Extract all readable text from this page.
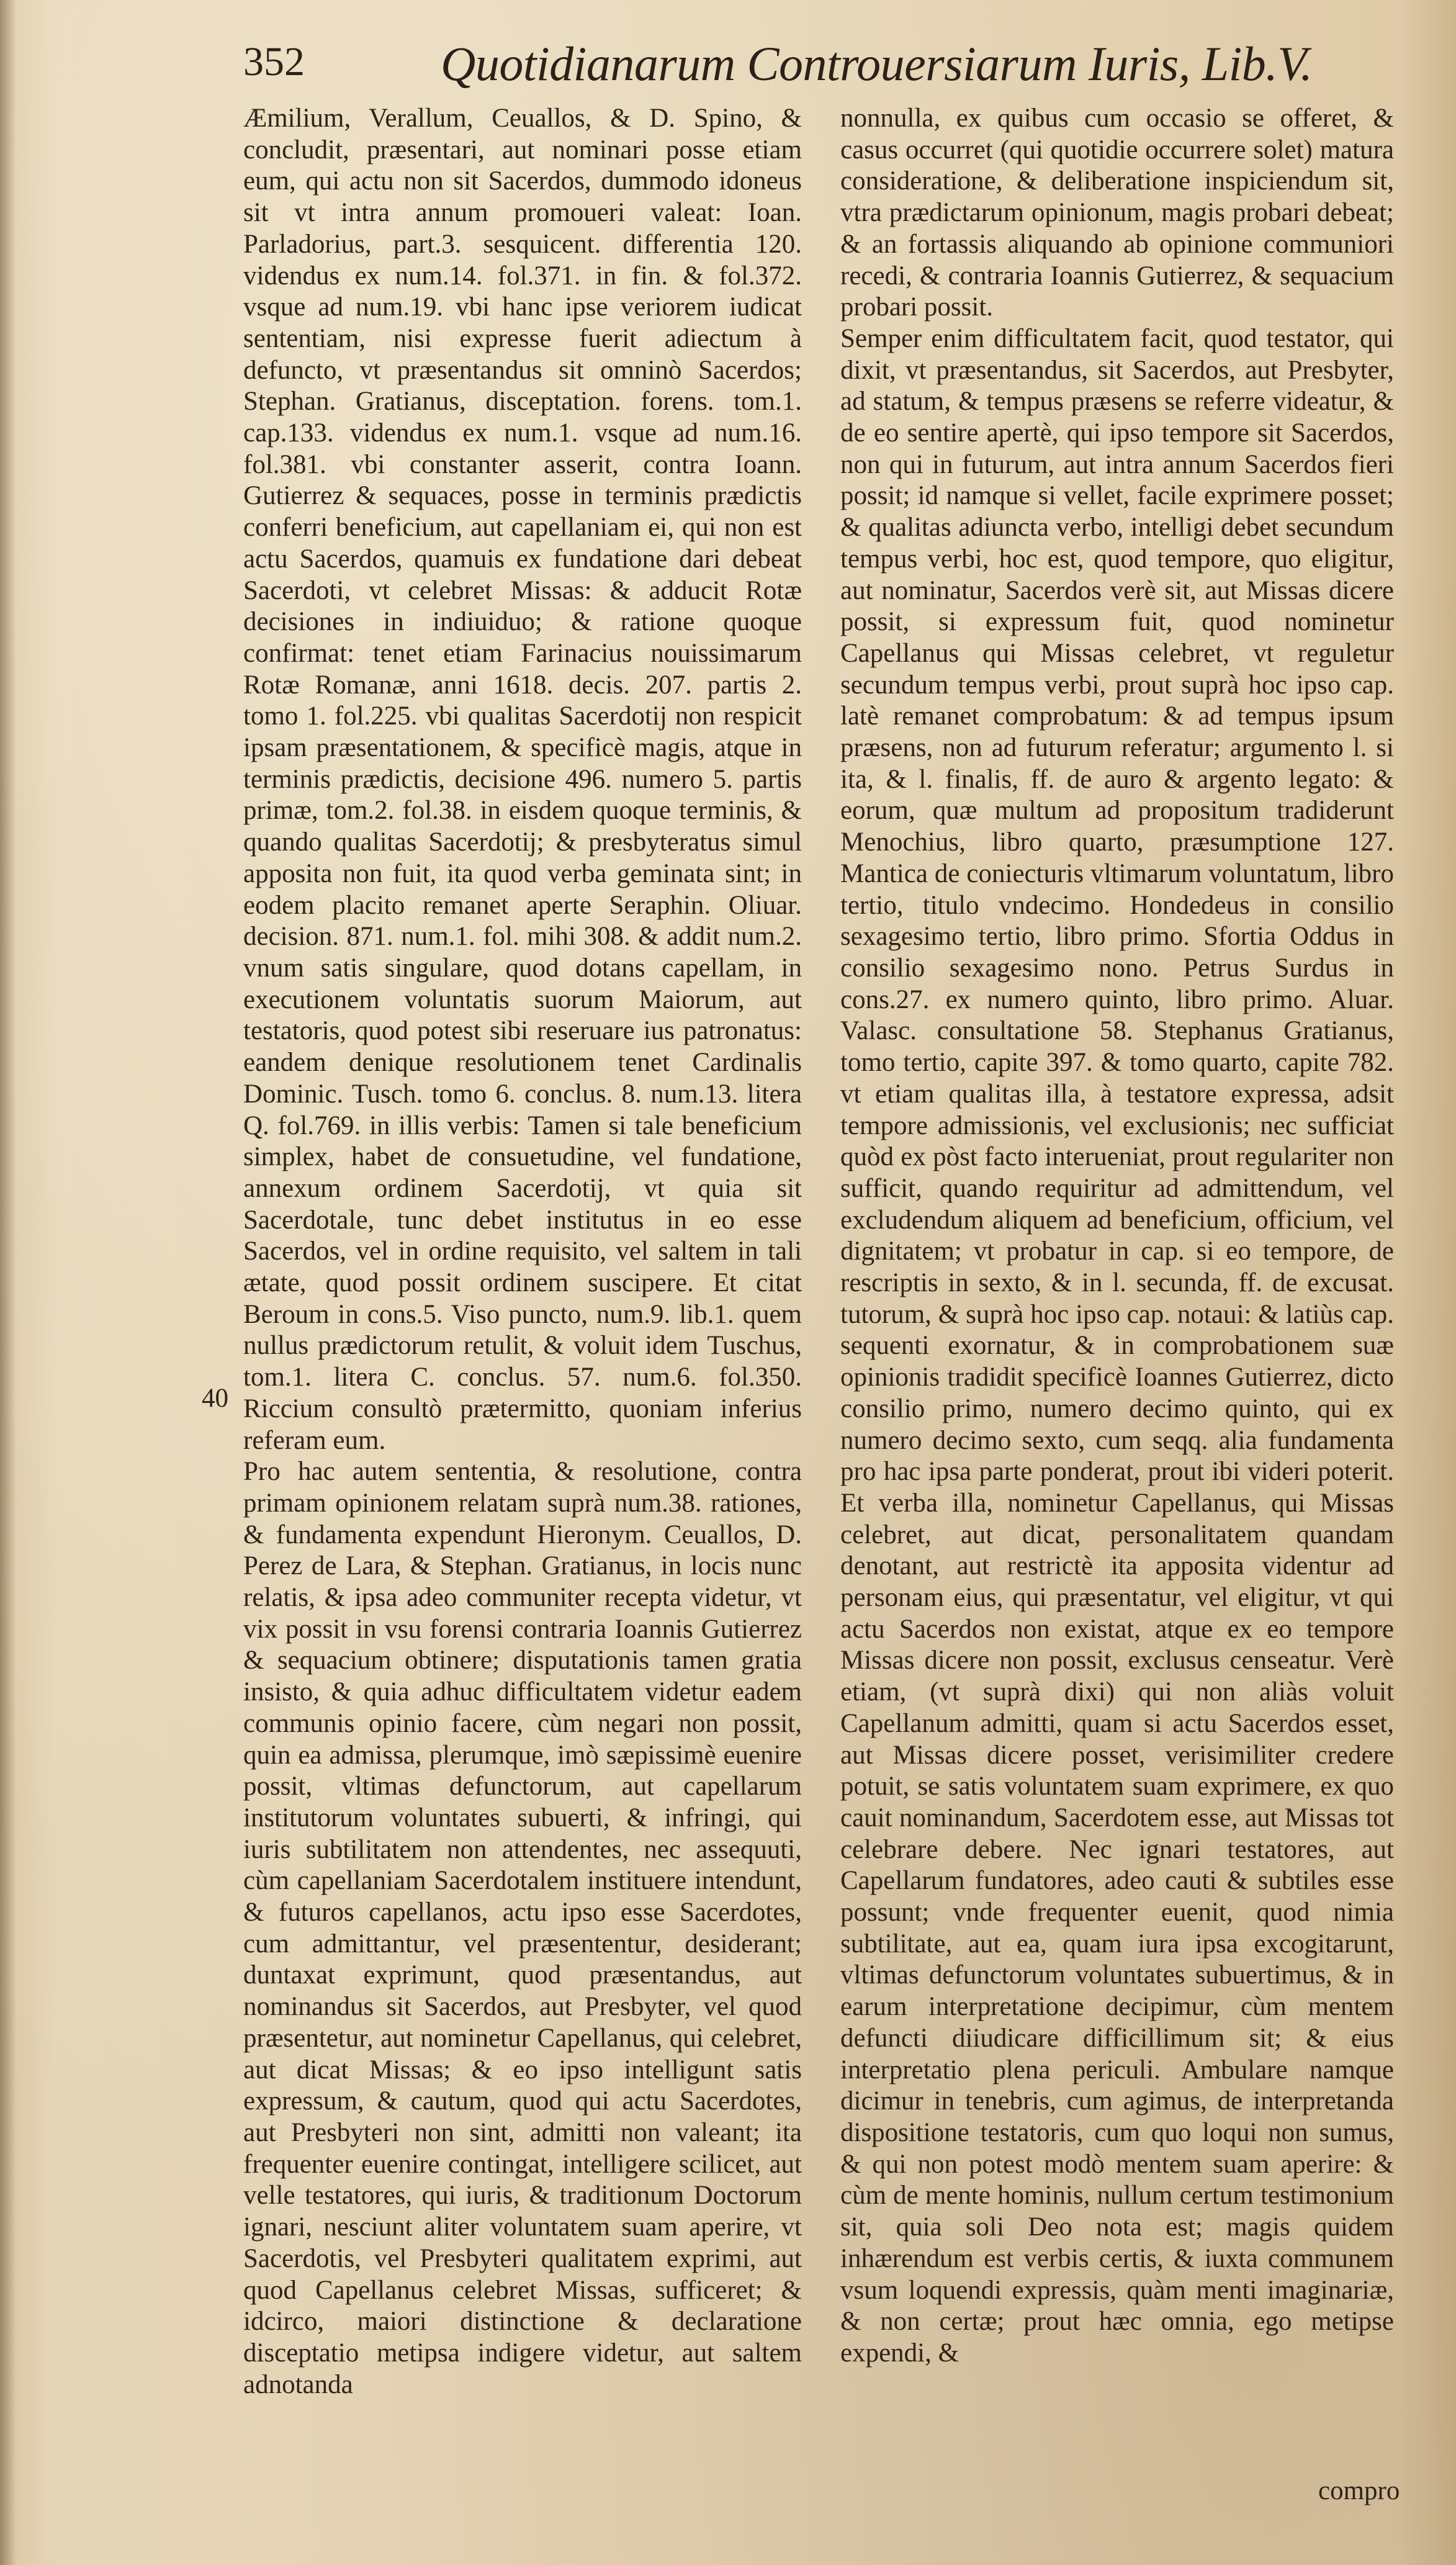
352	Quotidianarum Controuersiarum Iuris, Lib.V.

Æmilium, Verallum, Ceuallos, & D. Spino, & concludit, præsentari, aut nominari posse etiam eum, qui actu non sit Sacerdos, dummodo idoneus sit vt intra annum promoueri valeat: Ioan. Parladorius, part.3. sesquicent. differentia 120. videndus ex num.14. fol.371. in fin. & fol.372. vsque ad num.19. vbi hanc ipse veriorem iudicat sententiam, nisi expresse fuerit adiectum à defuncto, vt præsentandus sit omninò Sacerdos; Stephan. Gratianus, disceptation. forens. tom.1. cap.133. videndus ex num.1. vsque ad num.16. fol.381. vbi constanter asserit, contra Ioann. Gutierrez & sequaces, posse in terminis prædictis conferri beneficium, aut capellaniam ei, qui non est actu Sacerdos, quamuis ex fundatione dari debeat Sacerdoti, vt celebret Missas: & adducit Rotæ decisiones in indiuiduo; & ratione quoque confirmat: tenet etiam Farinacius nouissimarum Rotæ Romanæ, anni 1618. decis. 207. partis 2. tomo 1. fol.225. vbi qualitas Sacerdotij non respicit ipsam præsentationem, & specificè magis, atque in terminis prædictis, decisione 496. numero 5. partis primæ, tom.2. fol.38. in eisdem quoque terminis, & quando qualitas Sacerdotij; & presbyteratus simul apposita non fuit, ita quod verba geminata sint; in eodem placito remanet aperte Seraphin. Oliuar. decision. 871. num.1. fol. mihi 308. & addit num.2. vnum satis singulare, quod dotans capellam, in executionem voluntatis suorum Maiorum, aut testatoris, quod potest sibi reseruare ius patronatus: eandem denique resolutionem tenet Cardinalis Dominic. Tusch. tomo 6. conclus. 8. num.13. litera Q. fol.769. in illis verbis: Tamen si tale beneficium simplex, habet de consuetudine, vel fundatione, annexum ordinem Sacerdotij, vt quia sit Sacerdotale, tunc debet institutus in eo esse Sacerdos, vel in ordine requisito, vel saltem in tali ætate, quod possit ordinem suscipere. Et citat Beroum in cons.5. Viso puncto, num.9. lib.1. quem nullus prædictorum retulit, & voluit idem Tuschus, tom.1. litera C. conclus. 57. num.6. fol.350. Riccium consultò prætermitto, quoniam inferius referam eum.

Pro hac autem sententia, & resolutione, contra primam opinionem relatam suprà num.38. rationes, & fundamenta expendunt Hieronym. Ceuallos, D. Perez de Lara, & Stephan. Gratianus, in locis nunc relatis, & ipsa adeo communiter recepta videtur, vt vix possit in vsu forensi contraria Ioannis Gutierrez & sequacium obtinere; disputationis tamen gratia insisto, & quia adhuc difficultatem videtur eadem communis opinio facere, cùm negari non possit, quin ea admissa, plerumque, imò sæpissimè euenire possit, vltimas defunctorum, aut capellarum institutorum voluntates subuerti, & infringi, qui iuris subtilitatem non attendentes, nec assequuti, cùm capellaniam Sacerdotalem instituere intendunt, & futuros capellanos, actu ipso esse Sacerdotes, cum admittantur, vel præsententur, desiderant; duntaxat exprimunt, quod præsentandus, aut nominandus sit Sacerdos, aut Presbyter, vel quod præsentetur, aut nominetur Capellanus, qui celebret, aut dicat Missas; & eo ipso intelligunt satis expressum, & cautum, quod qui actu Sacerdotes, aut Presbyteri non sint, admitti non valeant; ita frequenter euenire contingat, intelligere scilicet, aut velle testatores, qui iuris, & traditionum Doctorum ignari, nesciunt aliter voluntatem suam aperire, vt Sacerdotis, vel Presbyteri qualitatem exprimi, aut quod Capellanus celebret Missas, sufficeret; & idcirco, maiori distinctione & declaratione disceptatio metipsa indigere videtur, aut saltem adnotanda

40

nonnulla, ex quibus cum occasio se offeret, & casus occurret (qui quotidie occurrere solet) matura consideratione, & deliberatione inspiciendum sit, vtra prædictarum opinionum, magis probari debeat; & an fortassis aliquando ab opinione communiori recedi, & contraria Ioannis Gutierrez, & sequacium probari possit.

Semper enim difficultatem facit, quod testator, qui dixit, vt præsentandus, sit Sacerdos, aut Presbyter, ad statum, & tempus præsens se referre videatur, & de eo sentire apertè, qui ipso tempore sit Sacerdos, non qui in futurum, aut intra annum Sacerdos fieri possit; id namque si vellet, facile exprimere posset; & qualitas adiuncta verbo, intelligi debet secundum tempus verbi, hoc est, quod tempore, quo eligitur, aut nominatur, Sacerdos verè sit, aut Missas dicere possit, si expressum fuit, quod nominetur Capellanus qui Missas celebret, vt reguletur secundum tempus verbi, prout suprà hoc ipso cap. latè remanet comprobatum: & ad tempus ipsum præsens, non ad futurum referatur; argumento l. si ita, & l. finalis, ff. de auro & argento legato: & eorum, quæ multum ad propositum tradiderunt Menochius, libro quarto, præsumptione 127. Mantica de coniecturis vltimarum voluntatum, libro tertio, titulo vndecimo. Hondedeus in consilio sexagesimo tertio, libro primo. Sfortia Oddus in consilio sexagesimo nono. Petrus Surdus in cons.27. ex numero quinto, libro primo. Aluar. Valasc. consultatione 58. Stephanus Gratianus, tomo tertio, capite 397. & tomo quarto, capite 782. vt etiam qualitas illa, à testatore expressa, adsit tempore admissionis, vel exclusionis; nec sufficiat quòd ex pòst facto interueniat, prout regulariter non sufficit, quando requiritur ad admittendum, vel excludendum aliquem ad beneficium, officium, vel dignitatem; vt probatur in cap. si eo tempore, de rescriptis in sexto, & in l. secunda, ff. de excusat. tutorum, & suprà hoc ipso cap. notaui: & latiùs cap. sequenti exornatur, & in comprobationem suæ opinionis tradidit specificè Ioannes Gutierrez, dicto consilio primo, numero decimo quinto, qui ex numero decimo sexto, cum seqq. alia fundamenta pro hac ipsa parte ponderat, prout ibi videri poterit. Et verba illa, nominetur Capellanus, qui Missas celebret, aut dicat, personalitatem quandam denotant, aut restrictè ita apposita videntur ad personam eius, qui præsentatur, vel eligitur, vt qui actu Sacerdos non existat, atque ex eo tempore Missas dicere non possit, exclusus censeatur. Verè etiam, (vt suprà dixi) qui non aliàs voluit Capellanum admitti, quam si actu Sacerdos esset, aut Missas dicere posset, verisimiliter credere potuit, se satis voluntatem suam exprimere, ex quo cauit nominandum, Sacerdotem esse, aut Missas tot celebrare debere. Nec ignari testatores, aut Capellarum fundatores, adeo cauti & subtiles esse possunt; vnde frequenter euenit, quod nimia subtilitate, aut ea, quam iura ipsa excogitarunt, vltimas defunctorum voluntates subuertimus, & in earum interpretatione decipimur, cùm mentem defuncti diiudicare difficillimum sit; & eius interpretatio plena periculi. Ambulare namque dicimur in tenebris, cum agimus, de interpretanda dispositione testatoris, cum quo loqui non sumus, & qui non potest modò mentem suam aperire: & cùm de mente hominis, nullum certum testimonium sit, quia soli Deo nota est; magis quidem inhærendum est verbis certis, & iuxta communem vsum loquendi expressis, quàm menti imaginariæ, & non certæ; prout hæc omnia, ego metipse expendi, &

compro
